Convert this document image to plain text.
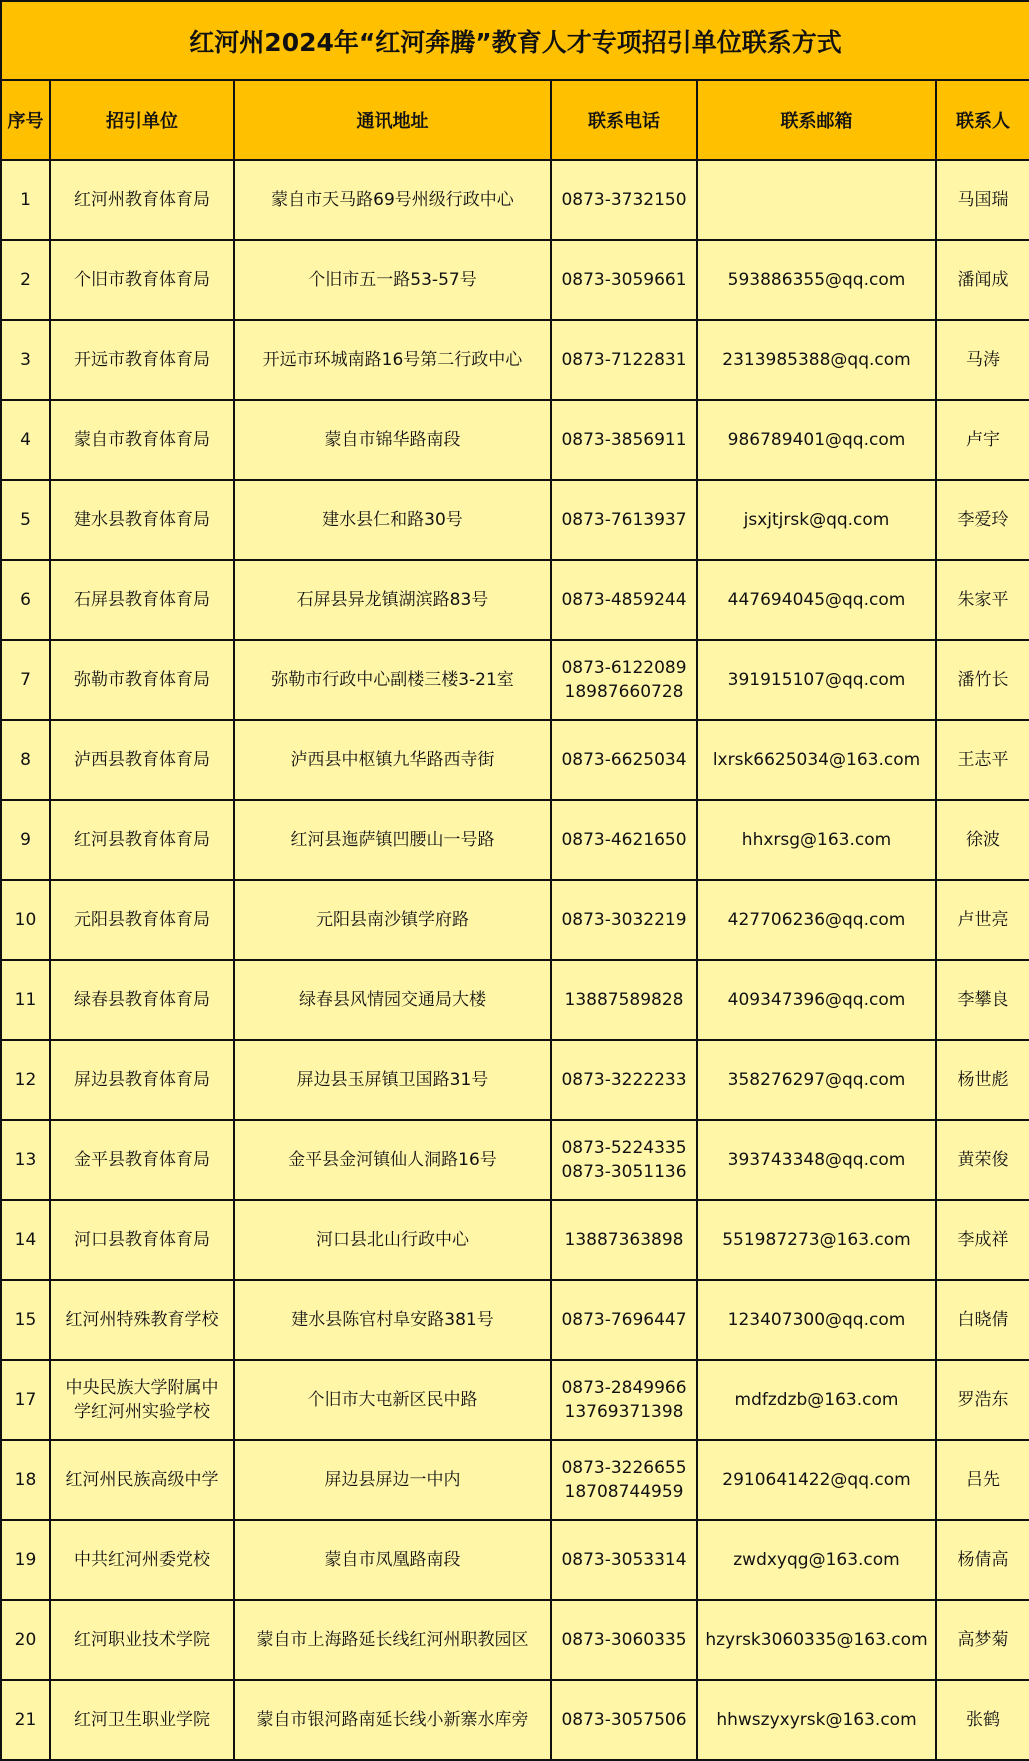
红河州2024年“红河奔腾”教育人才专项招引单位联系方式					
序号	招引单位	通讯地址	联系电话	联系邮箱	联系人
1	红河州教育体育局	蒙自市天马路69号州级行政中心	0873-3732150		马国瑞
2	个旧市教育体育局	个旧市五一路53-57号	0873-3059661	593886355@qq.com	潘闻成
3	开远市教育体育局	开远市环城南路16号第二行政中心	0873-7122831	2313985388@qq.com	马涛
4	蒙自市教育体育局	蒙自市锦华路南段	0873-3856911	986789401@qq.com	卢宇
5	建水县教育体育局	建水县仁和路30号	0873-7613937	jsxjtjrsk@qq.com	李爱玲
6	石屏县教育体育局	石屏县异龙镇湖滨路83号	0873-4859244	447694045@qq.com	朱家平
7	弥勒市教育体育局	弥勒市行政中心副楼三楼3-21室	0873-6122089
18987660728	391915107@qq.com	潘竹长
8	泸西县教育体育局	泸西县中枢镇九华路西寺街	0873-6625034	lxrsk6625034@163.com	王志平
9	红河县教育体育局	红河县迤萨镇凹腰山一号路	0873-4621650	hhxrsg@163.com	徐波
10	元阳县教育体育局	元阳县南沙镇学府路	0873-3032219	427706236@qq.com	卢世亮
11	绿春县教育体育局	绿春县风情园交通局大楼	13887589828	409347396@qq.com	李攀良
12	屏边县教育体育局	屏边县玉屏镇卫国路31号	0873-3222233	358276297@qq.com	杨世彪
13	金平县教育体育局	金平县金河镇仙人洞路16号	0873-5224335
0873-3051136	393743348@qq.com	黄荣俊
14	河口县教育体育局	河口县北山行政中心	13887363898	551987273@163.com	李成祥
15	红河州特殊教育学校	建水县陈官村阜安路381号	0873-7696447	123407300@qq.com	白晓倩
17	中央民族大学附属中
学红河州实验学校	个旧市大屯新区民中路	0873-2849966
13769371398	mdfzdzb@163.com	罗浩东
18	红河州民族高级中学	屏边县屏边一中内	0873-3226655
18708744959	2910641422@qq.com	吕先
19	中共红河州委党校	蒙自市凤凰路南段	0873-3053314	zwdxyqg@163.com	杨倩高
20	红河职业技术学院	蒙自市上海路延长线红河州职教园区	0873-3060335	hzyrsk3060335@163.com	高梦菊
21	红河卫生职业学院	蒙自市银河路南延长线小新寨水库旁	0873-3057506	hhwszyxyrsk@163.com	张鹤
